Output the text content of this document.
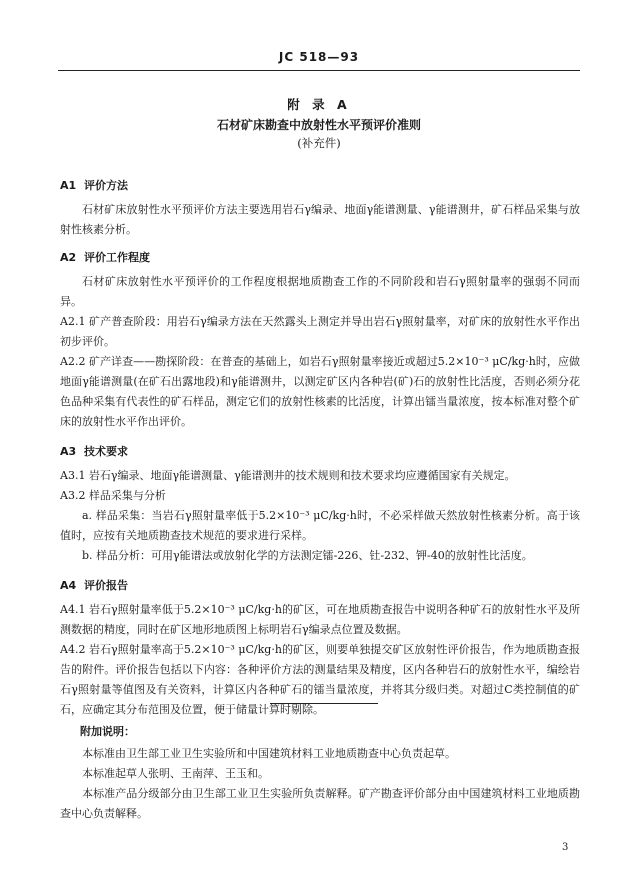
JC 518—93
附 录 A
石材矿床勘查中放射性水平预评价准则
(补充件)

A1 评价方法

石材矿床放射性水平预评价方法主要选用岩石γ编录、地面γ能谱测量、γ能谱测井，矿石样品采集与放射性核素分析。

A2 评价工作程度

石材矿床放射性水平预评价的工作程度根据地质勘查工作的不同阶段和岩石γ照射量率的强弱不同而异。

A2.1 矿产普查阶段：用岩石γ编录方法在天然露头上测定并导出岩石γ照射量率，对矿床的放射性水平作出初步评价。

A2.2 矿产详查——勘探阶段：在普查的基础上，如岩石γ照射量率接近或超过5.2×10⁻³ μC/kg·h时，应做地面γ能谱测量(在矿石出露地段)和γ能谱测井，以测定矿区内各种岩(矿)石的放射性比活度，否则必须分花色品种采集有代表性的矿石样品，测定它们的放射性核素的比活度，计算出镭当量浓度，按本标准对整个矿床的放射性水平作出评价。

A3 技术要求

A3.1 岩石γ编录、地面γ能谱测量、γ能谱测井的技术规则和技术要求均应遵循国家有关规定。

A3.2 样品采集与分析

a. 样品采集：当岩石γ照射量率低于5.2×10⁻³ μC/kg·h时，不必采样做天然放射性核素分析。高于该值时，应按有关地质勘查技术规范的要求进行采样。

b. 样品分析：可用γ能谱法或放射化学的方法测定镭-226、钍-232、钾-40的放射性比活度。

A4 评价报告

A4.1 岩石γ照射量率低于5.2×10⁻³ μC/kg·h的矿区，可在地质勘查报告中说明各种矿石的放射性水平及所测数据的精度，同时在矿区地形地质图上标明岩石γ编录点位置及数据。

A4.2 岩石γ照射量率高于5.2×10⁻³ μC/kg·h的矿区，则要单独提交矿区放射性评价报告，作为地质勘查报告的附件。评价报告包括以下内容：各种评价方法的测量结果及精度，区内各种岩石的放射性水平，编绘岩石γ照射量等值图及有关资料，计算区内各种矿石的镭当量浓度，并将其分级归类。对超过C类控制值的矿石，应确定其分布范围及位置，便于储量计算时剔除。

附加说明：

本标准由卫生部工业卫生实验所和中国建筑材料工业地质勘查中心负责起草。

本标准起草人张明、王南萍、王玉和。

本标准产品分级部分由卫生部工业卫生实验所负责解释。矿产勘查评价部分由中国建筑材料工业地质勘查中心负责解释。

3
